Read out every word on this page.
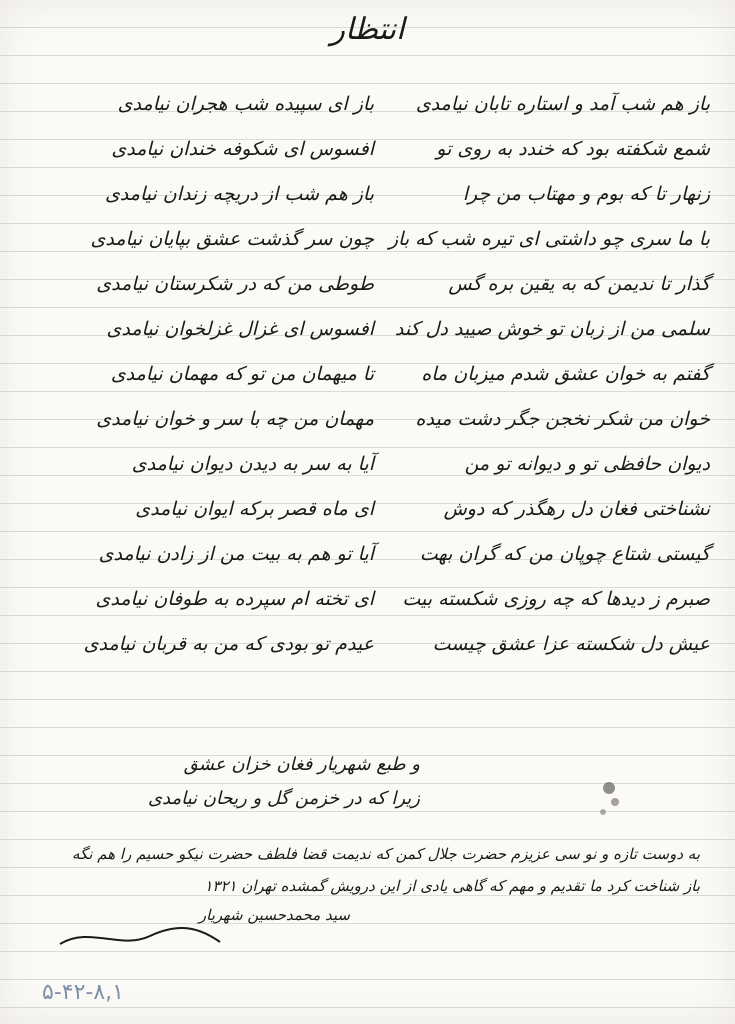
انتظار
باز هم شب آمد و استاره تابان نیامدی
شمع شکفته بود که خندد به روی تو
زنهار تا که بوم و مهتاب من چرا
با ما سری چو داشتی ای تیره شب که باز
گذار تا ندیمن که به یقین بره گس
سلمی من از زبان تو خوش صیید دل کند
گفتم به خوان عشق شدم میزبان ماه
خوان من شکر نخجن جگر دشت میده
دیوان حافظی تو و دیوانه تو من
نشناختی فغان دل رهگذر که دوش
گیستی شتاع چوپان من که گران بهت
صبرم ز دیدها که چه روزی شکسته بیت
عیش دل شکسته عزا عشق چیست
باز ای سپیده شب هجران نیامدی
افسوس ای شکوفه خندان نیامدی
باز هم شب از دریچه زندان نیامدی
چون سر گذشت عشق بپایان نیامدی
طوطی من که در شکرستان نیامدی
افسوس ای غزال غزلخوان نیامدی
تا میهمان من تو که مهمان نیامدی
مهمان من چه با سر و خوان نیامدی
آیا به سر به دیدن دیوان نیامدی
ای ماه قصر برکه ایوان نیامدی
آیا تو هم به بیت من از زادن نیامدی
ای تخته ام سپرده به طوفان نیامدی
عیدم تو بودی که من به قربان نیامدی
و طبع شهریار فغان خزان عشق
زیرا که در خزمن گل و ریحان نیامدی
به دوست تازه و نو سی عزیزم حضرت جلال کمن که ندیمت قضا فلطف حضرت نیکو حسیم را هم نگه
باز شناخت کرد ما تقدیم و مهم که گاهی یادی از این درویش گمشده تهران ۱۳۲۱
سید محمدحسین شهریار
۵-۴۲-۸,۱
